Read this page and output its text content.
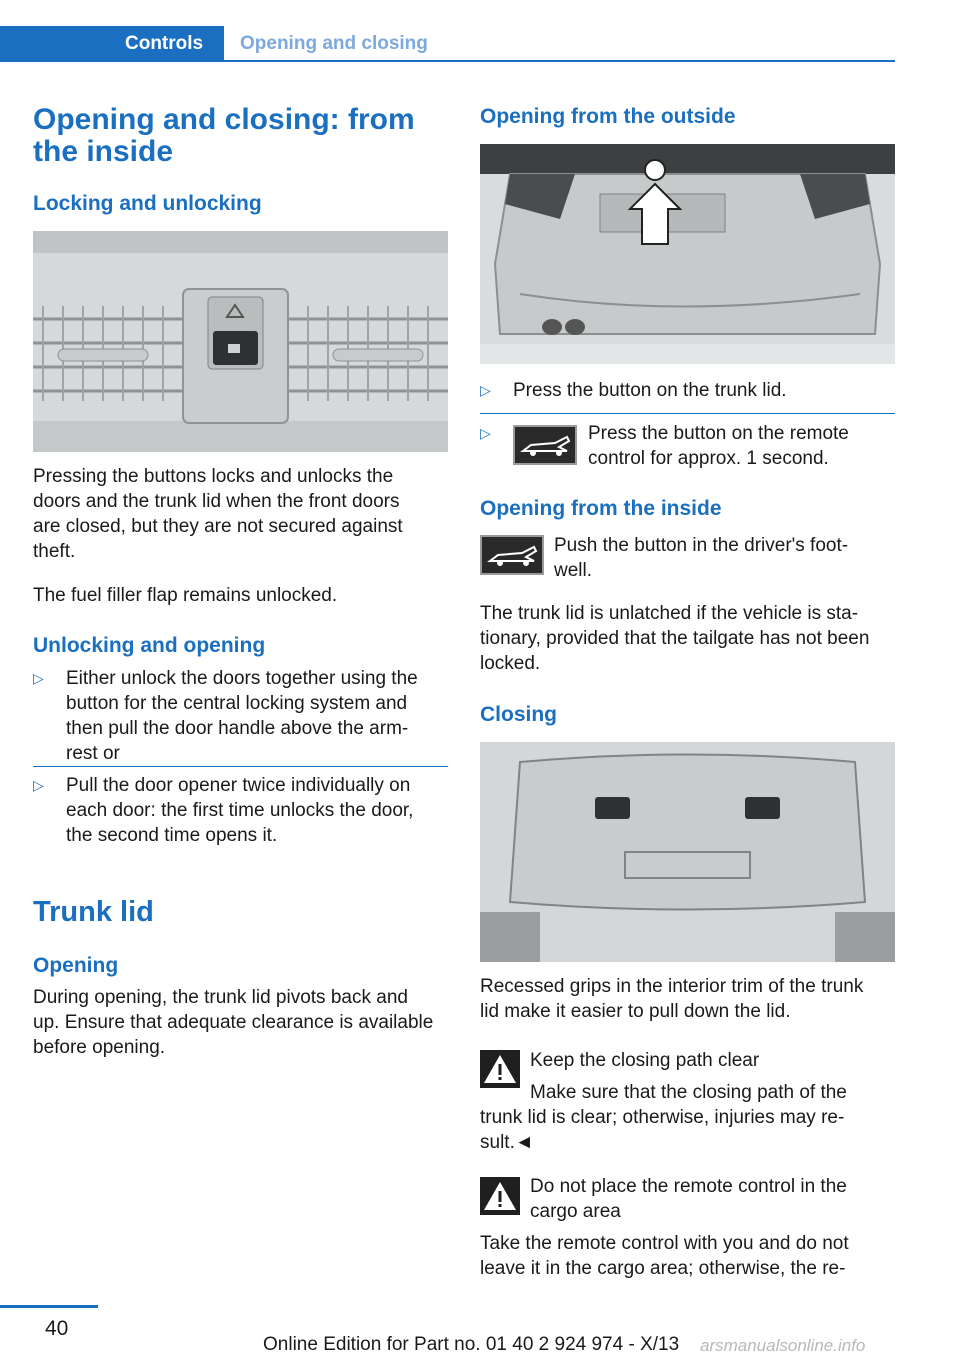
Controls	Opening and closing
Opening and closing: from
the inside
Locking and unlocking
Pressing the buttons locks and unlocks the
doors and the trunk lid when the front doors
are closed, but they are not secured against
theft.
The fuel filler flap remains unlocked.
Unlocking and opening
▷ Either unlock the doors together using the
button for the central locking system and
then pull the door handle above the arm‐
rest or
▷ Pull the door opener twice individually on
each door: the first time unlocks the door,
the second time opens it.
Trunk lid
Opening
During opening, the trunk lid pivots back and
up. Ensure that adequate clearance is available
before opening.
Opening from the outside
▷ Press the button on the trunk lid.
▷	Press the button on the remote
control for approx. 1 second.
Opening from the inside
Push the button in the driver's foot‐
well.
The trunk lid is unlatched if the vehicle is sta‐
tionary, provided that the tailgate has not been
locked.
Closing
Recessed grips in the interior trim of the trunk
lid make it easier to pull down the lid.
Keep the closing path clear
Make sure that the closing path of the
trunk lid is clear; otherwise, injuries may re‐
sult.◄
Do not place the remote control in the
cargo area
Take the remote control with you and do not
leave it in the cargo area; otherwise, the re‐
40
Online Edition for Part no. 01 40 2 924 974 - X/13 arsmanualsonline.info
